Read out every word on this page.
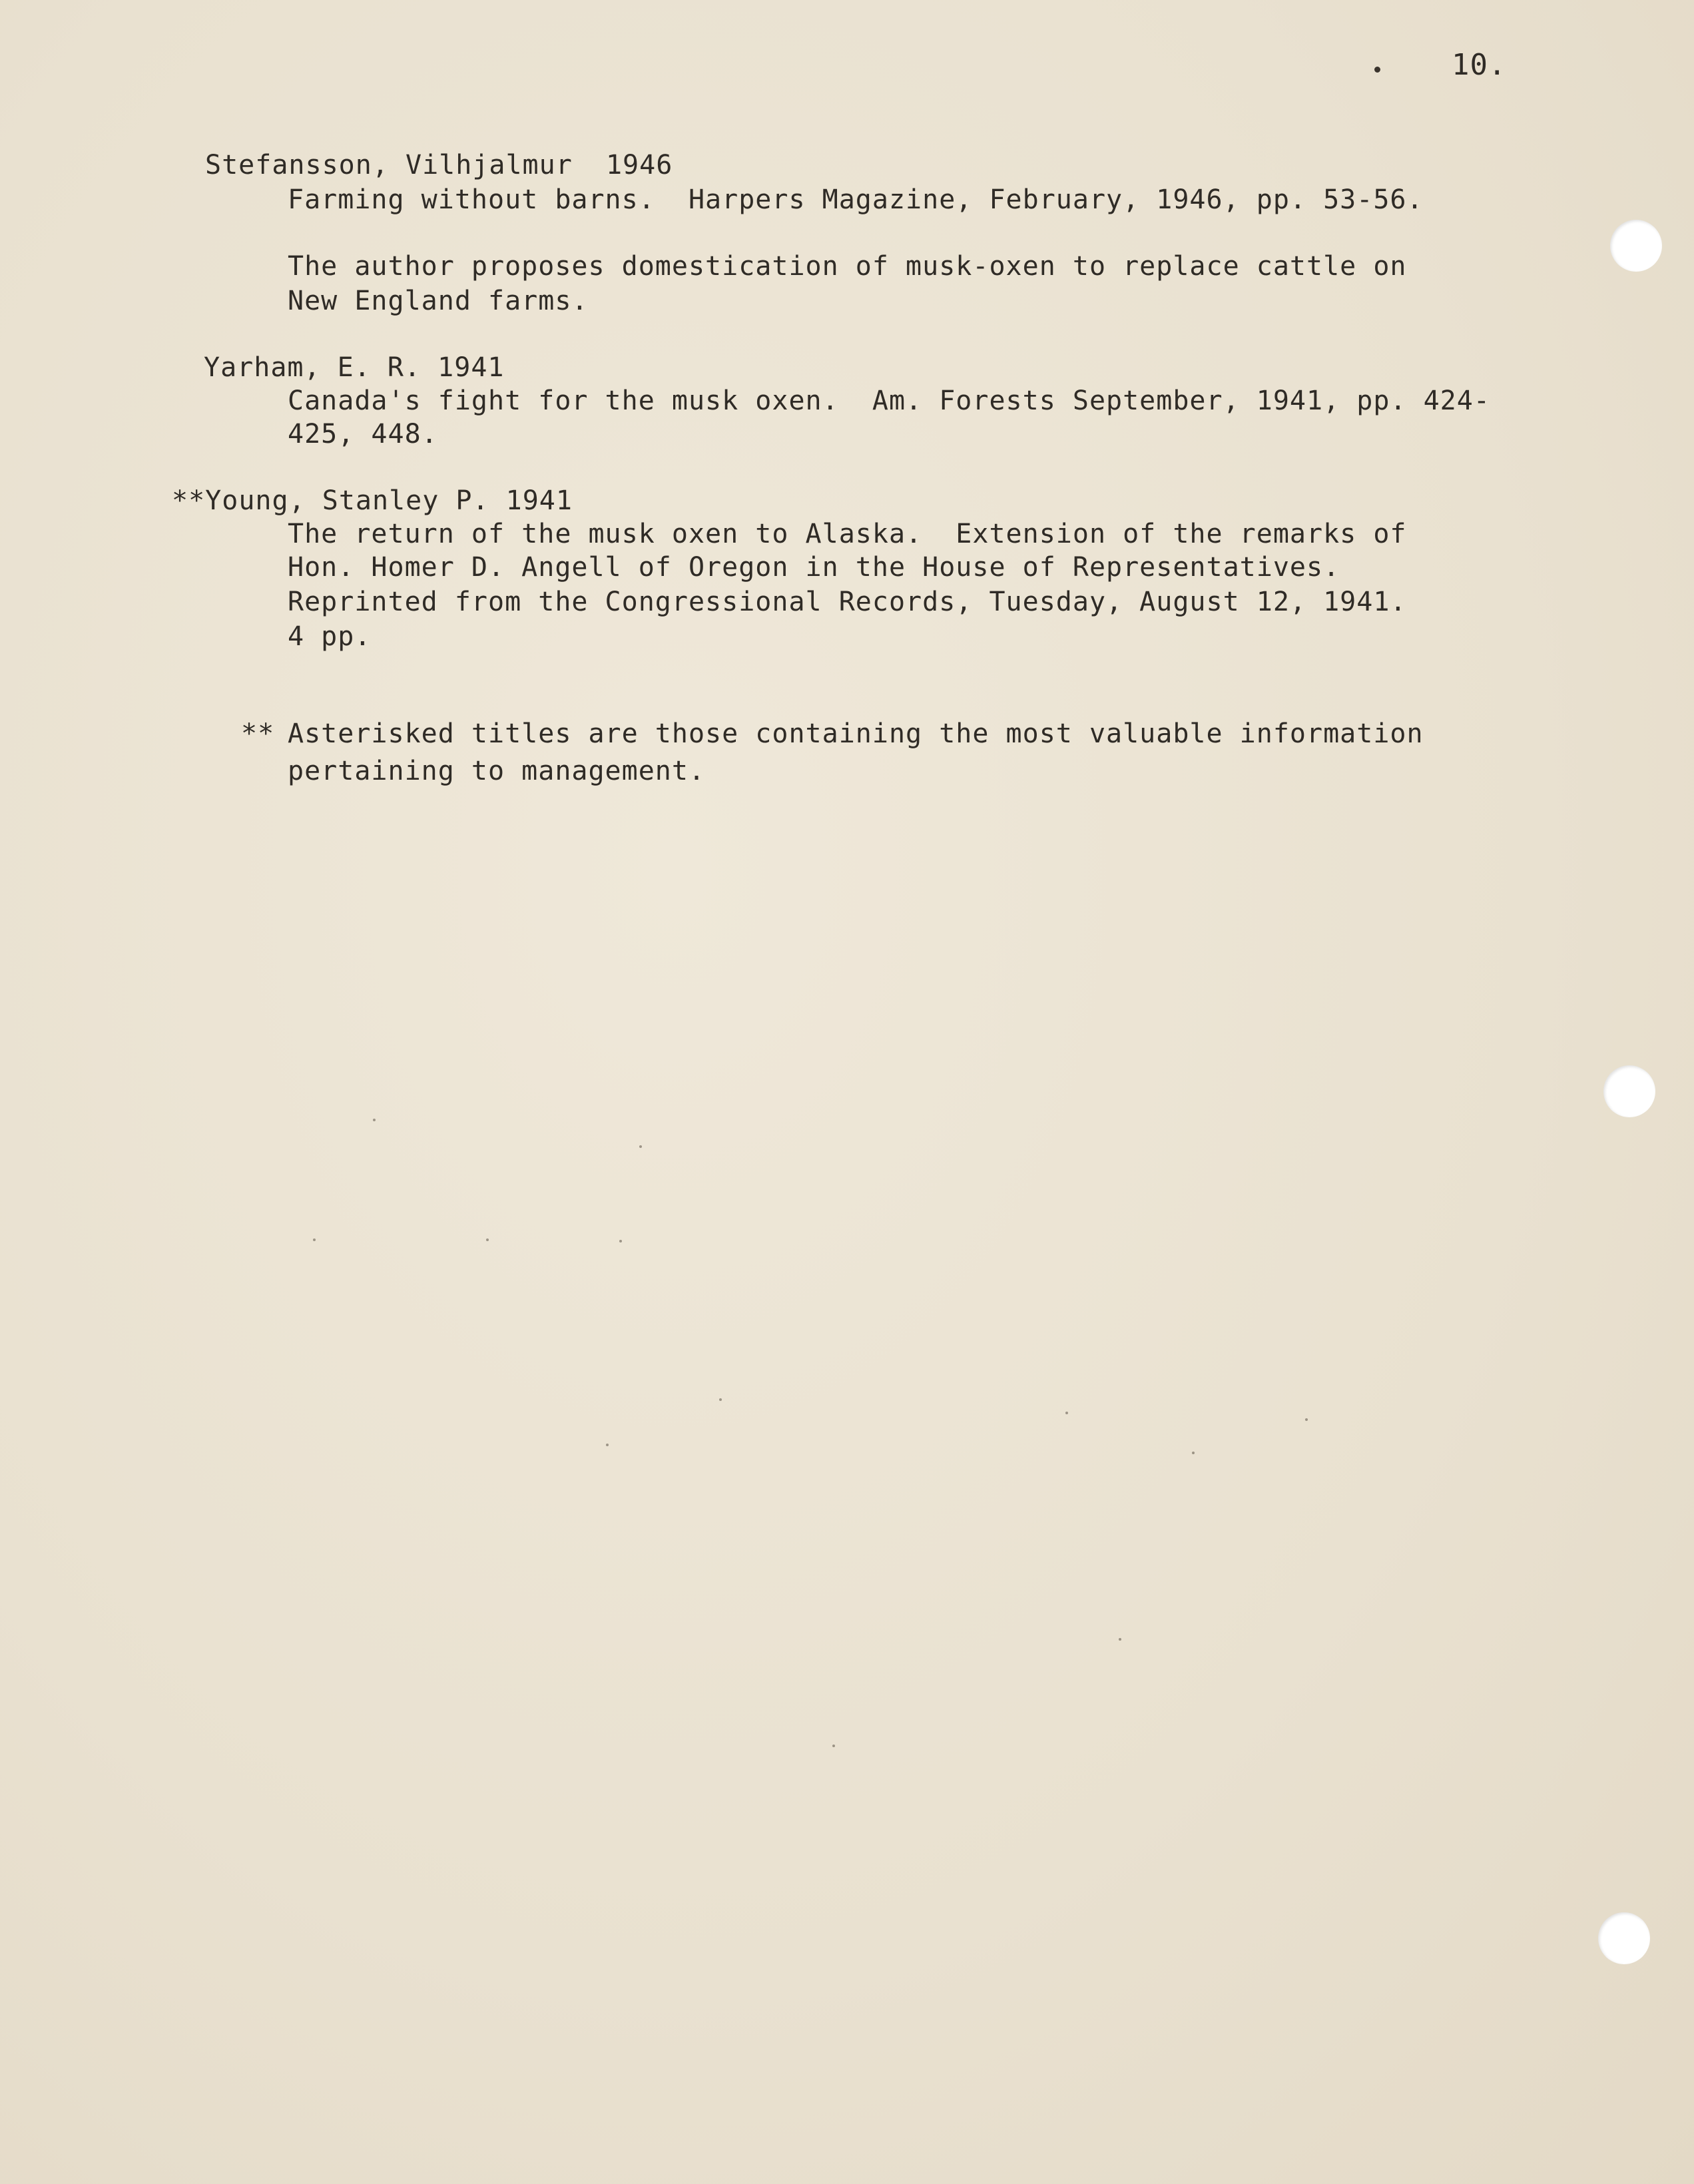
10.
Stefansson, Vilhjalmur  1946
Farming without barns.  Harpers Magazine, February, 1946, pp. 53-56.
The author proposes domestication of musk-oxen to replace cattle on
New England farms.
Yarham, E. R. 1941
Canada's fight for the musk oxen.  Am. Forests September, 1941, pp. 424-
425, 448.
**Young, Stanley P. 1941
The return of the musk oxen to Alaska.  Extension of the remarks of
Hon. Homer D. Angell of Oregon in the House of Representatives.
Reprinted from the Congressional Records, Tuesday, August 12, 1941.
4 pp.
** Asterisked titles are those containing the most valuable information
pertaining to management.
